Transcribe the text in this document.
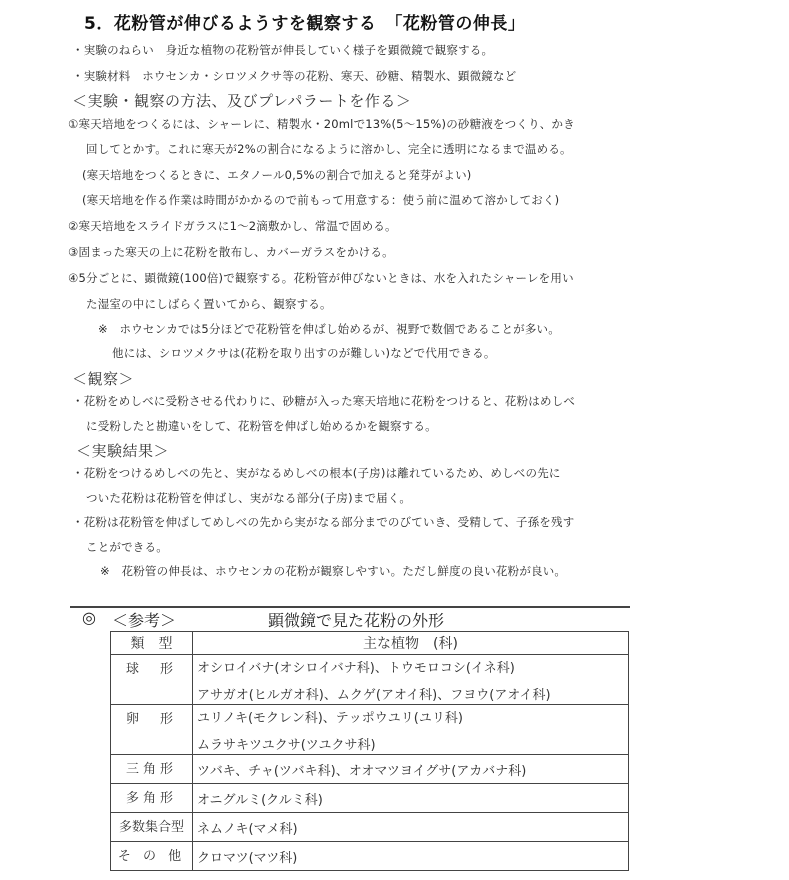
5．花粉管が伸びるようすを観察する　「花粉管の伸長」
・実験のねらい　身近な植物の花粉管が伸長していく様子を顕微鏡で観察する。
・実験材料　ホウセンカ・シロツメクサ等の花粉、寒天、砂糖、精製水、顕微鏡など
＜実験・観察の方法、及びプレパラートを作る＞
①寒天培地をつくるには、シャーレに、精製水・20mlで13%(5〜15%)の砂糖液をつくり、かき
回してとかす。これに寒天が2%の割合になるように溶かし、完全に透明になるまで温める。
(寒天培地をつくるときに、エタノール0,5%の割合で加えると発芽がよい)
(寒天培地を作る作業は時間がかかるので前もって用意する：使う前に温めて溶かしておく)
②寒天培地をスライドガラスに1〜2滴敷かし、常温で固める。
③固まった寒天の上に花粉を散布し、カバーガラスをかける。
④5分ごとに、顕微鏡(100倍)で観察する。花粉管が伸びないときは、水を入れたシャーレを用い
た湿室の中にしばらく置いてから、観察する。
※　ホウセンカでは5分ほどで花粉管を伸ばし始めるが、視野で数個であることが多い。
他には、シロツメクサは(花粉を取り出すのが難しい)などで代用できる。
＜観察＞
・花粉をめしべに受粉させる代わりに、砂糖が入った寒天培地に花粉をつけると、花粉はめしべ
に受粉したと勘違いをして、花粉管を伸ばし始めるかを観察する。
＜実験結果＞
・花粉をつけるめしべの先と、実がなるめしべの根本(子房)は離れているため、めしべの先に
ついた花粉は花粉管を伸ばし、実がなる部分(子房)まで届く。
・花粉は花粉管を伸ばしてめしべの先から実がなる部分までのびていき、受精して、子孫を残す
ことができる。
※　花粉管の伸長は、ホウセンカの花粉が観察しやすい。ただし鮮度の良い花粉が良い。
◎ ＜参考＞	顕微鏡で見た花粉の外形
類　型	主な植物　(科)
球　形	オシロイバナ(オシロイバナ科)、トウモロコシ(イネ科)
アサガオ(ヒルガオ科)、ムクゲ(アオイ科)、フヨウ(アオイ科)

卵　形	ユリノキ(モクレン科)、テッポウユリ(ユリ科)
ムラサキツユクサ(ツユクサ科)

三角形	ツバキ、チャ(ツバキ科)、オオマツヨイグサ(アカバナ科)
多角形	オニグルミ(クルミ科)
多数集合型	ネムノキ(マメ科)
そ の 他	クロマツ(マツ科)
